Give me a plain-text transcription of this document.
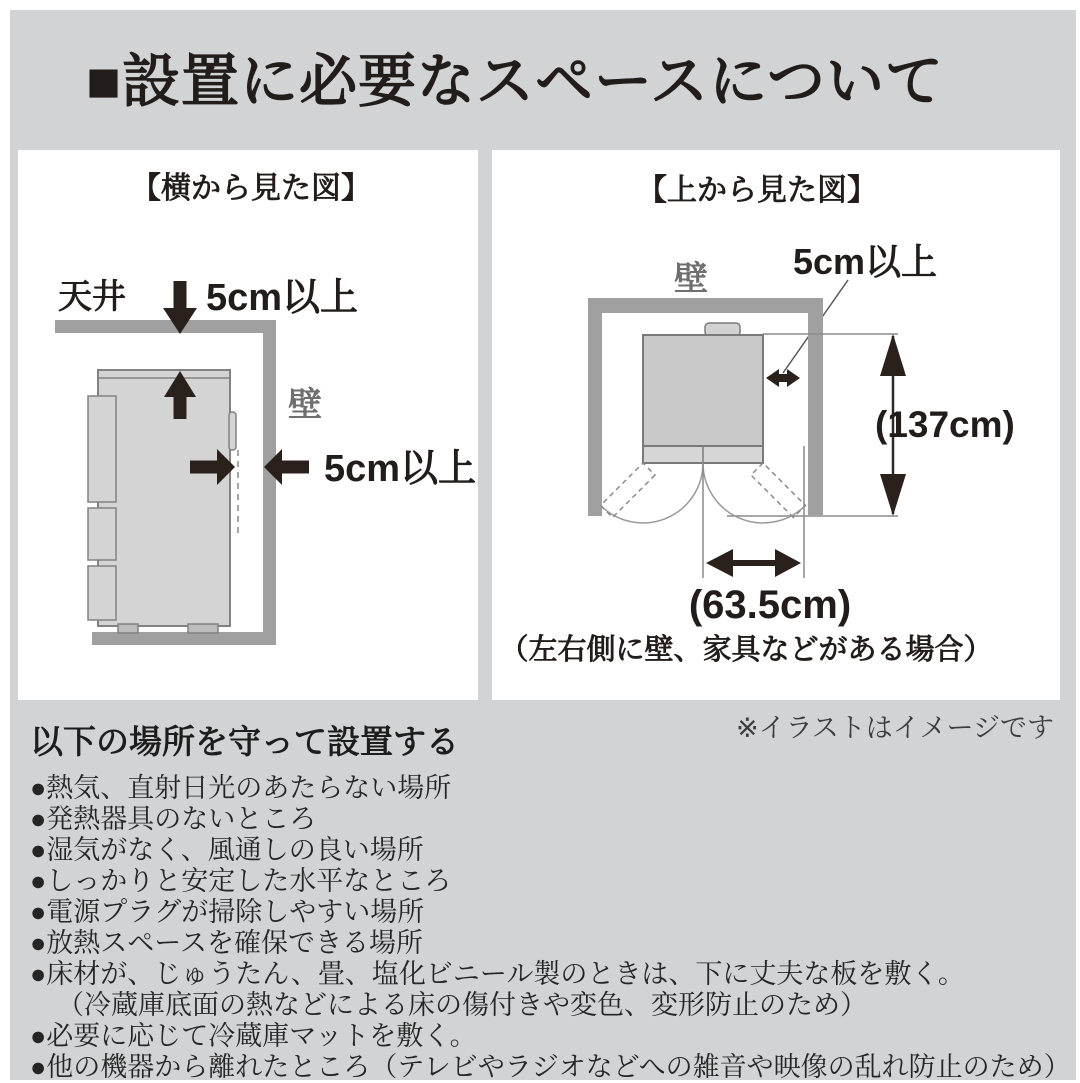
■設置に必要なスペースについて
【横から見た図】
天井 5cm以上
壁
5cm以上
【上から見た図】
壁 5cm以上
(137cm)
(63.5cm)
（左右側に壁、家具などがある場合）
※イラストはイメージです
以下の場所を守って設置する
●熱気、直射日光のあたらない場所
●発熱器具のないところ
●湿気がなく、風通しの良い場所
●しっかりと安定した水平なところ
●電源プラグが掃除しやすい場所
●放熱スペースを確保できる場所
●床材が、じゅうたん、畳、塩化ビニール製のときは、下に丈夫な板を敷く。
（冷蔵庫底面の熱などによる床の傷付きや変色、変形防止のため）
●必要に応じて冷蔵庫マットを敷く。
●他の機器から離れたところ（テレビやラジオなどへの雑音や映像の乱れ防止のため）
